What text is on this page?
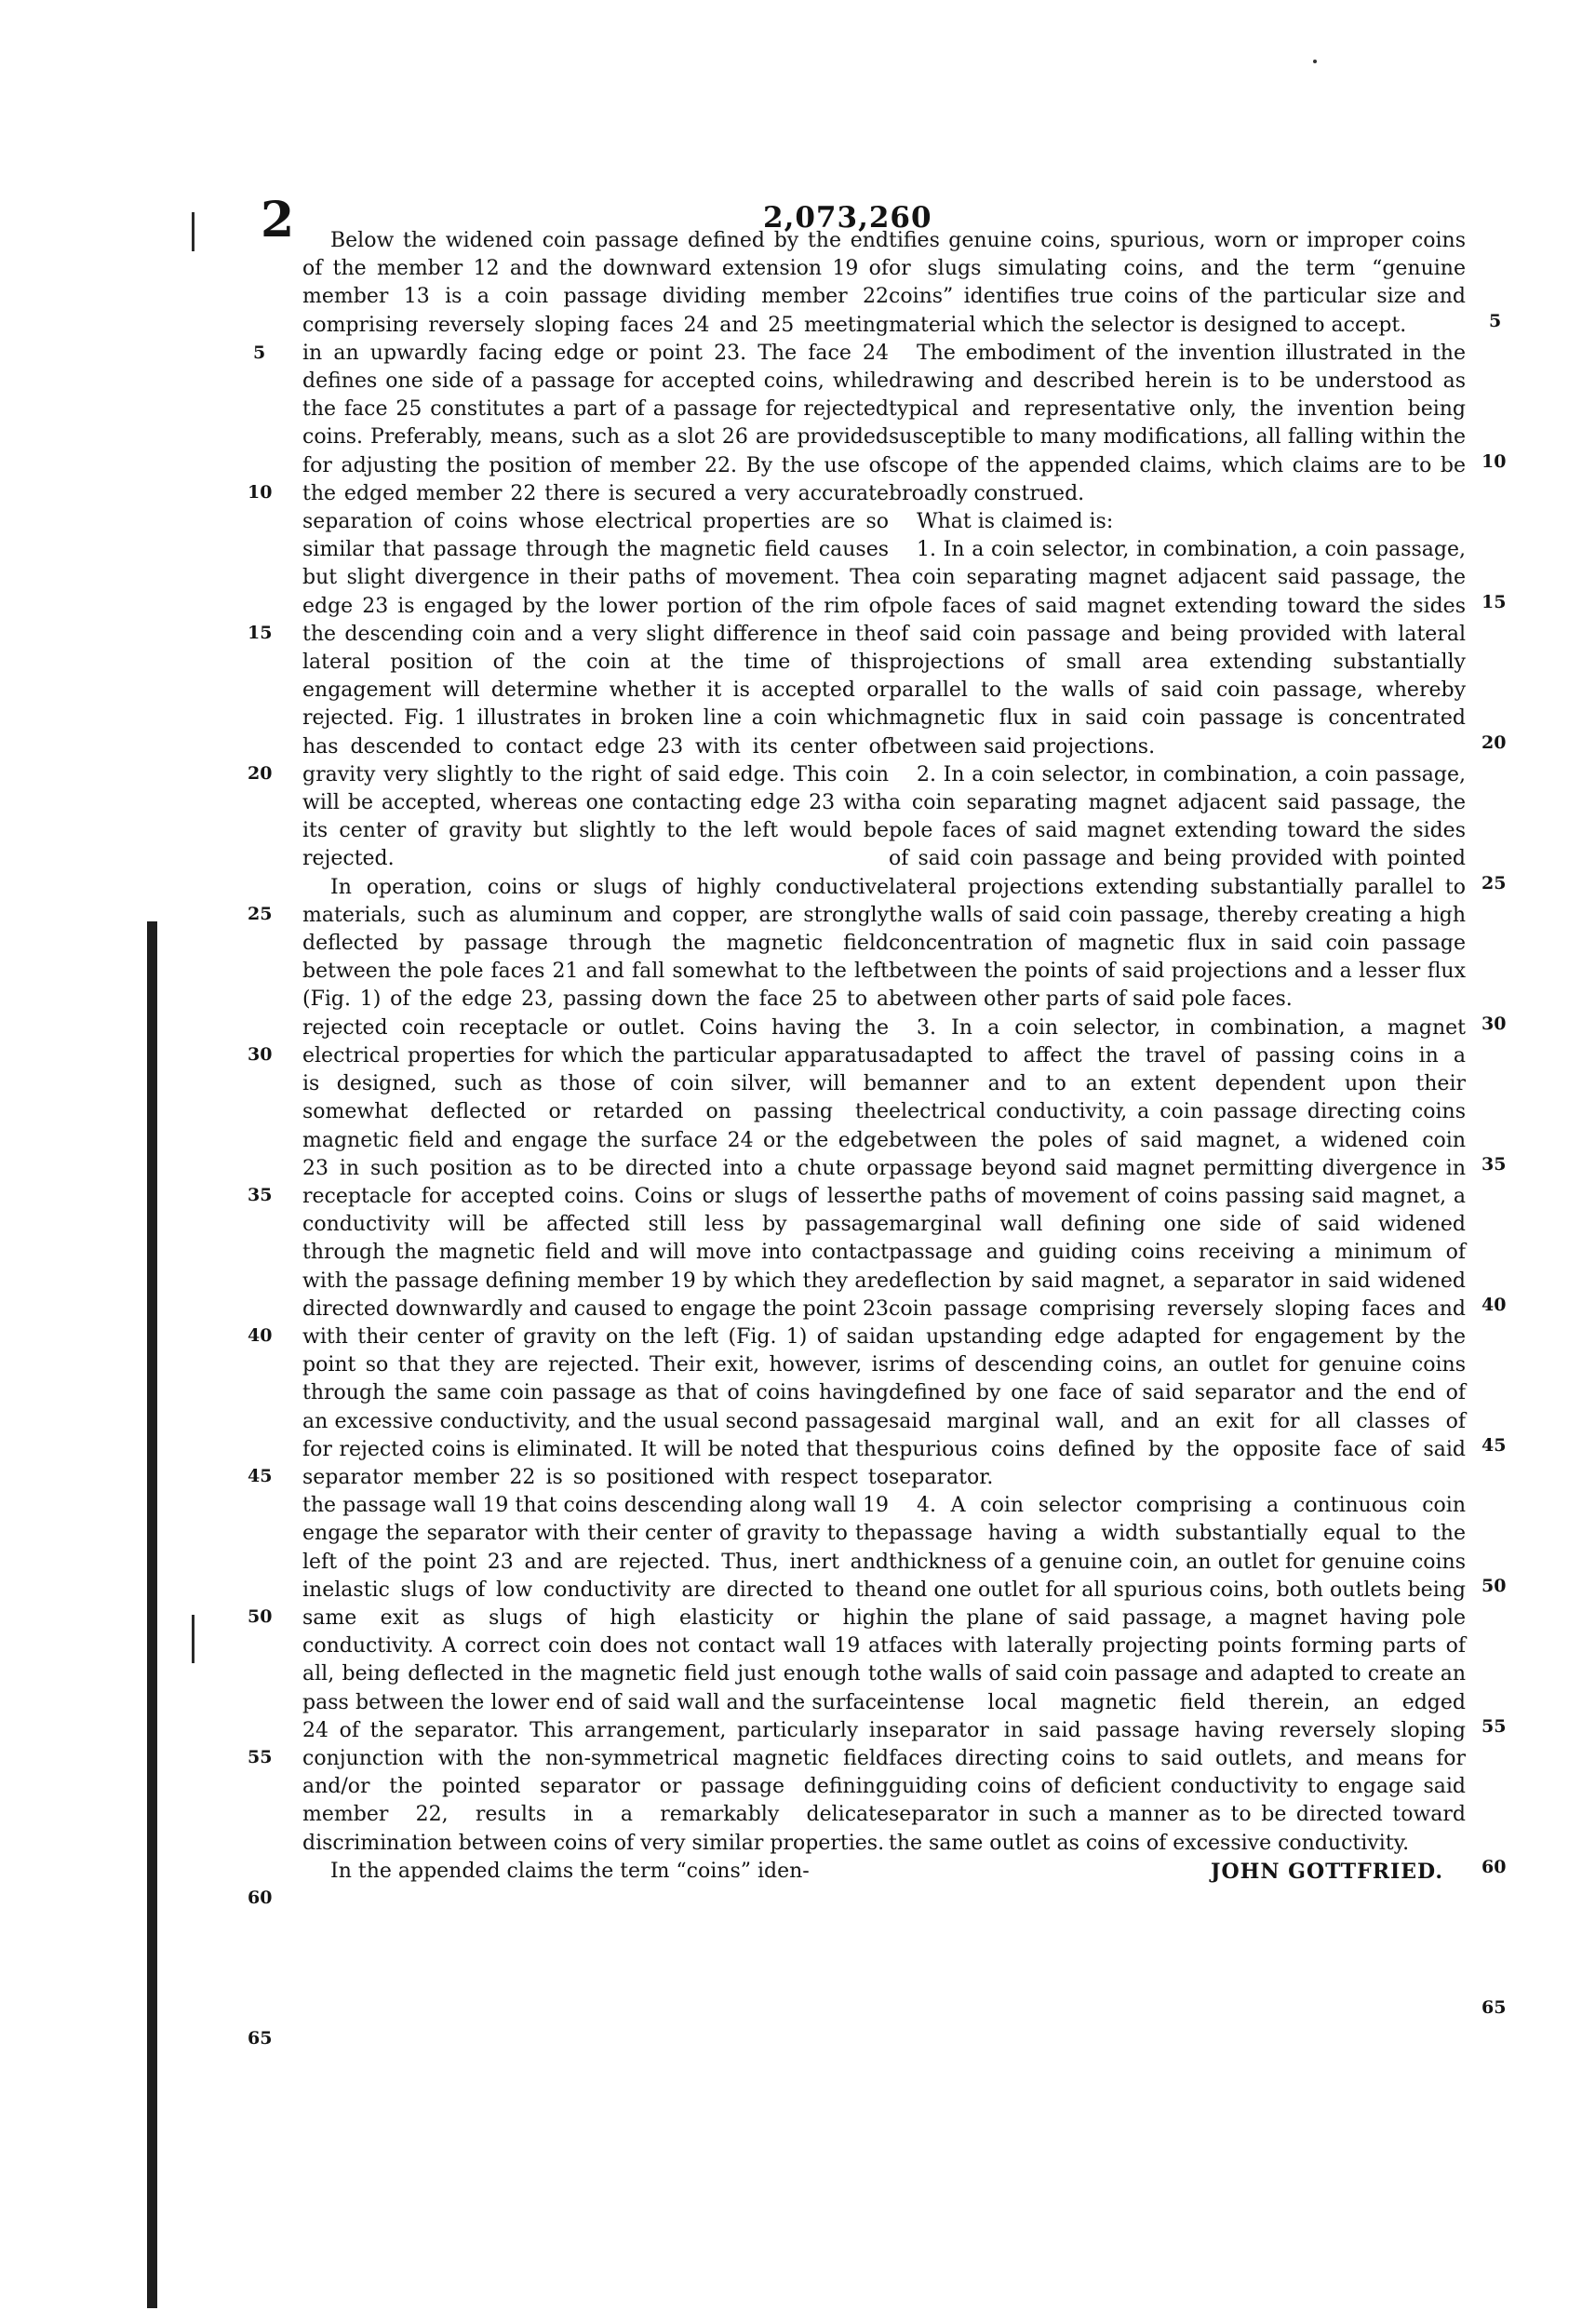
2	2,073,260

Below the widened coin passage defined by the end of the member 12 and the downward extension 19 of member 13 is a coin passage dividing member 22 comprising reversely sloping faces 24 and 25 meeting in an upwardly facing edge or point 23. The face 24 defines one side of a passage for accepted coins, while the face 25 constitutes a part of a passage for rejected coins. Preferably, means, such as a slot 26 are provided for adjusting the position of member 22. By the use of the edged member 22 there is secured a very accurate separation of coins whose electrical properties are so similar that passage through the magnetic field causes but slight divergence in their paths of movement. The edge 23 is engaged by the lower portion of the rim of the descending coin and a very slight difference in the lateral position of the coin at the time of this engagement will determine whether it is accepted or rejected. Fig. 1 illustrates in broken line a coin which has descended to contact edge 23 with its center of gravity very slightly to the right of said edge. This coin will be accepted, whereas one contacting edge 23 with its center of gravity but slightly to the left would be rejected.

In operation, coins or slugs of highly conductive materials, such as aluminum and copper, are strongly deflected by passage through the magnetic field between the pole faces 21 and fall somewhat to the left (Fig. 1) of the edge 23, passing down the face 25 to a rejected coin receptacle or outlet. Coins having the electrical properties for which the particular apparatus is designed, such as those of coin silver, will be somewhat deflected or retarded on passing the magnetic field and engage the surface 24 or the edge 23 in such position as to be directed into a chute or receptacle for accepted coins. Coins or slugs of lesser conductivity will be affected still less by passage through the magnetic field and will move into contact with the passage defining member 19 by which they are directed downwardly and caused to engage the point 23 with their center of gravity on the left (Fig. 1) of said point so that they are rejected. Their exit, however, is through the same coin passage as that of coins having an excessive conductivity, and the usual second passage for rejected coins is eliminated. It will be noted that the separator member 22 is so positioned with respect to the passage wall 19 that coins descending along wall 19 engage the separator with their center of gravity to the left of the point 23 and are rejected. Thus, inert and inelastic slugs of low conductivity are directed to the same exit as slugs of high elasticity or high conductivity. A correct coin does not contact wall 19 at all, being deflected in the magnetic field just enough to pass between the lower end of said wall and the surface 24 of the separator. This arrangement, particularly in conjunction with the non-symmetrical magnetic field and/or the pointed separator or passage defining member 22, results in a remarkably delicate discrimination between coins of very similar properties.

In the appended claims the term “coins” iden-

tifies genuine coins, spurious, worn or improper coins or slugs simulating coins, and the term “genuine coins” identifies true coins of the particular size and material which the selector is designed to accept.

The embodiment of the invention illustrated in the drawing and described herein is to be understood as typical and representative only, the invention being susceptible to many modifications, all falling within the scope of the appended claims, which claims are to be broadly construed.

What is claimed is:

1. In a coin selector, in combination, a coin passage, a coin separating magnet adjacent said passage, the pole faces of said magnet extending toward the sides of said coin passage and being provided with lateral projections of small area extending substantially parallel to the walls of said coin passage, whereby magnetic flux in said coin passage is concentrated between said projections.

2. In a coin selector, in combination, a coin passage, a coin separating magnet adjacent said passage, the pole faces of said magnet extending toward the sides of said coin passage and being provided with pointed lateral projections extending substantially parallel to the walls of said coin passage, thereby creating a high concentration of magnetic flux in said coin passage between the points of said projections and a lesser flux between other parts of said pole faces.

3. In a coin selector, in combination, a magnet adapted to affect the travel of passing coins in a manner and to an extent dependent upon their electrical conductivity, a coin passage directing coins between the poles of said magnet, a widened coin passage beyond said magnet permitting divergence in the paths of movement of coins passing said magnet, a marginal wall defining one side of said widened passage and guiding coins receiving a minimum of deflection by said magnet, a separator in said widened coin passage comprising reversely sloping faces and an upstanding edge adapted for engagement by the rims of descending coins, an outlet for genuine coins defined by one face of said separator and the end of said marginal wall, and an exit for all classes of spurious coins defined by the opposite face of said separator.

4. A coin selector comprising a continuous coin passage having a width substantially equal to the thickness of a genuine coin, an outlet for genuine coins and one outlet for all spurious coins, both outlets being in the plane of said passage, a magnet having pole faces with laterally projecting points forming parts of the walls of said coin passage and adapted to create an intense local magnetic field therein, an edged separator in said passage having reversely sloping faces directing coins to said outlets, and means for guiding coins of deficient conductivity to engage said separator in such a manner as to be directed toward the same outlet as coins of excessive conductivity.

JOHN GOTTFRIED.

5
10
15
20
25
30
35
40
45
50
55
60
65
5
10
15
20
25
30
35
40
45
50
55
60
65
